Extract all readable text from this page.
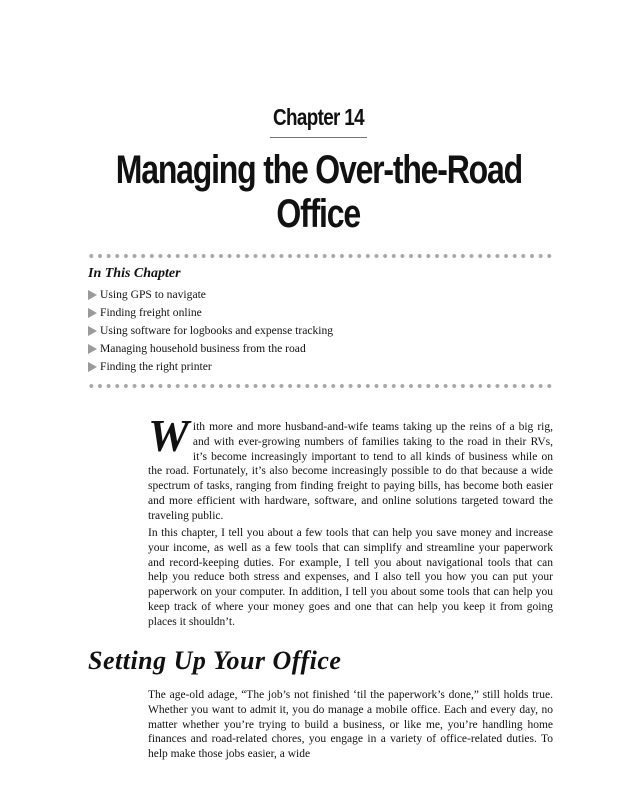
Chapter 14
Managing the Over-the-Road
Office
In This Chapter
Using GPS to navigate
Finding freight online
Using software for logbooks and expense tracking
Managing household business from the road
Finding the right printer

With more and more husband-and-wife teams taking up the reins of a big rig, and with ever-growing numbers of families taking to the road in their RVs, it’s become increasingly important to tend to all kinds of business while on the road. Fortunately, it’s also become increasingly possible to do that because a wide spectrum of tasks, ranging from finding freight to paying bills, has become both easier and more efficient with hardware, software, and online solutions targeted toward the traveling public.

In this chapter, I tell you about a few tools that can help you save money and increase your income, as well as a few tools that can simplify and streamline your paperwork and record-keeping duties. For example, I tell you about navigational tools that can help you reduce both stress and expenses, and I also tell you how you can put your paperwork on your computer. In addition, I tell you about some tools that can help you keep track of where your money goes and one that can help you keep it from going places it shouldn’t.

Setting Up Your Office

The age-old adage, “The job’s not finished ‘til the paperwork’s done,” still holds true. Whether you want to admit it, you do manage a mobile office. Each and every day, no matter whether you’re trying to build a business, or like me, you’re handling home finances and road-related chores, you engage in a variety of office-related duties. To help make those jobs easier, a wide
